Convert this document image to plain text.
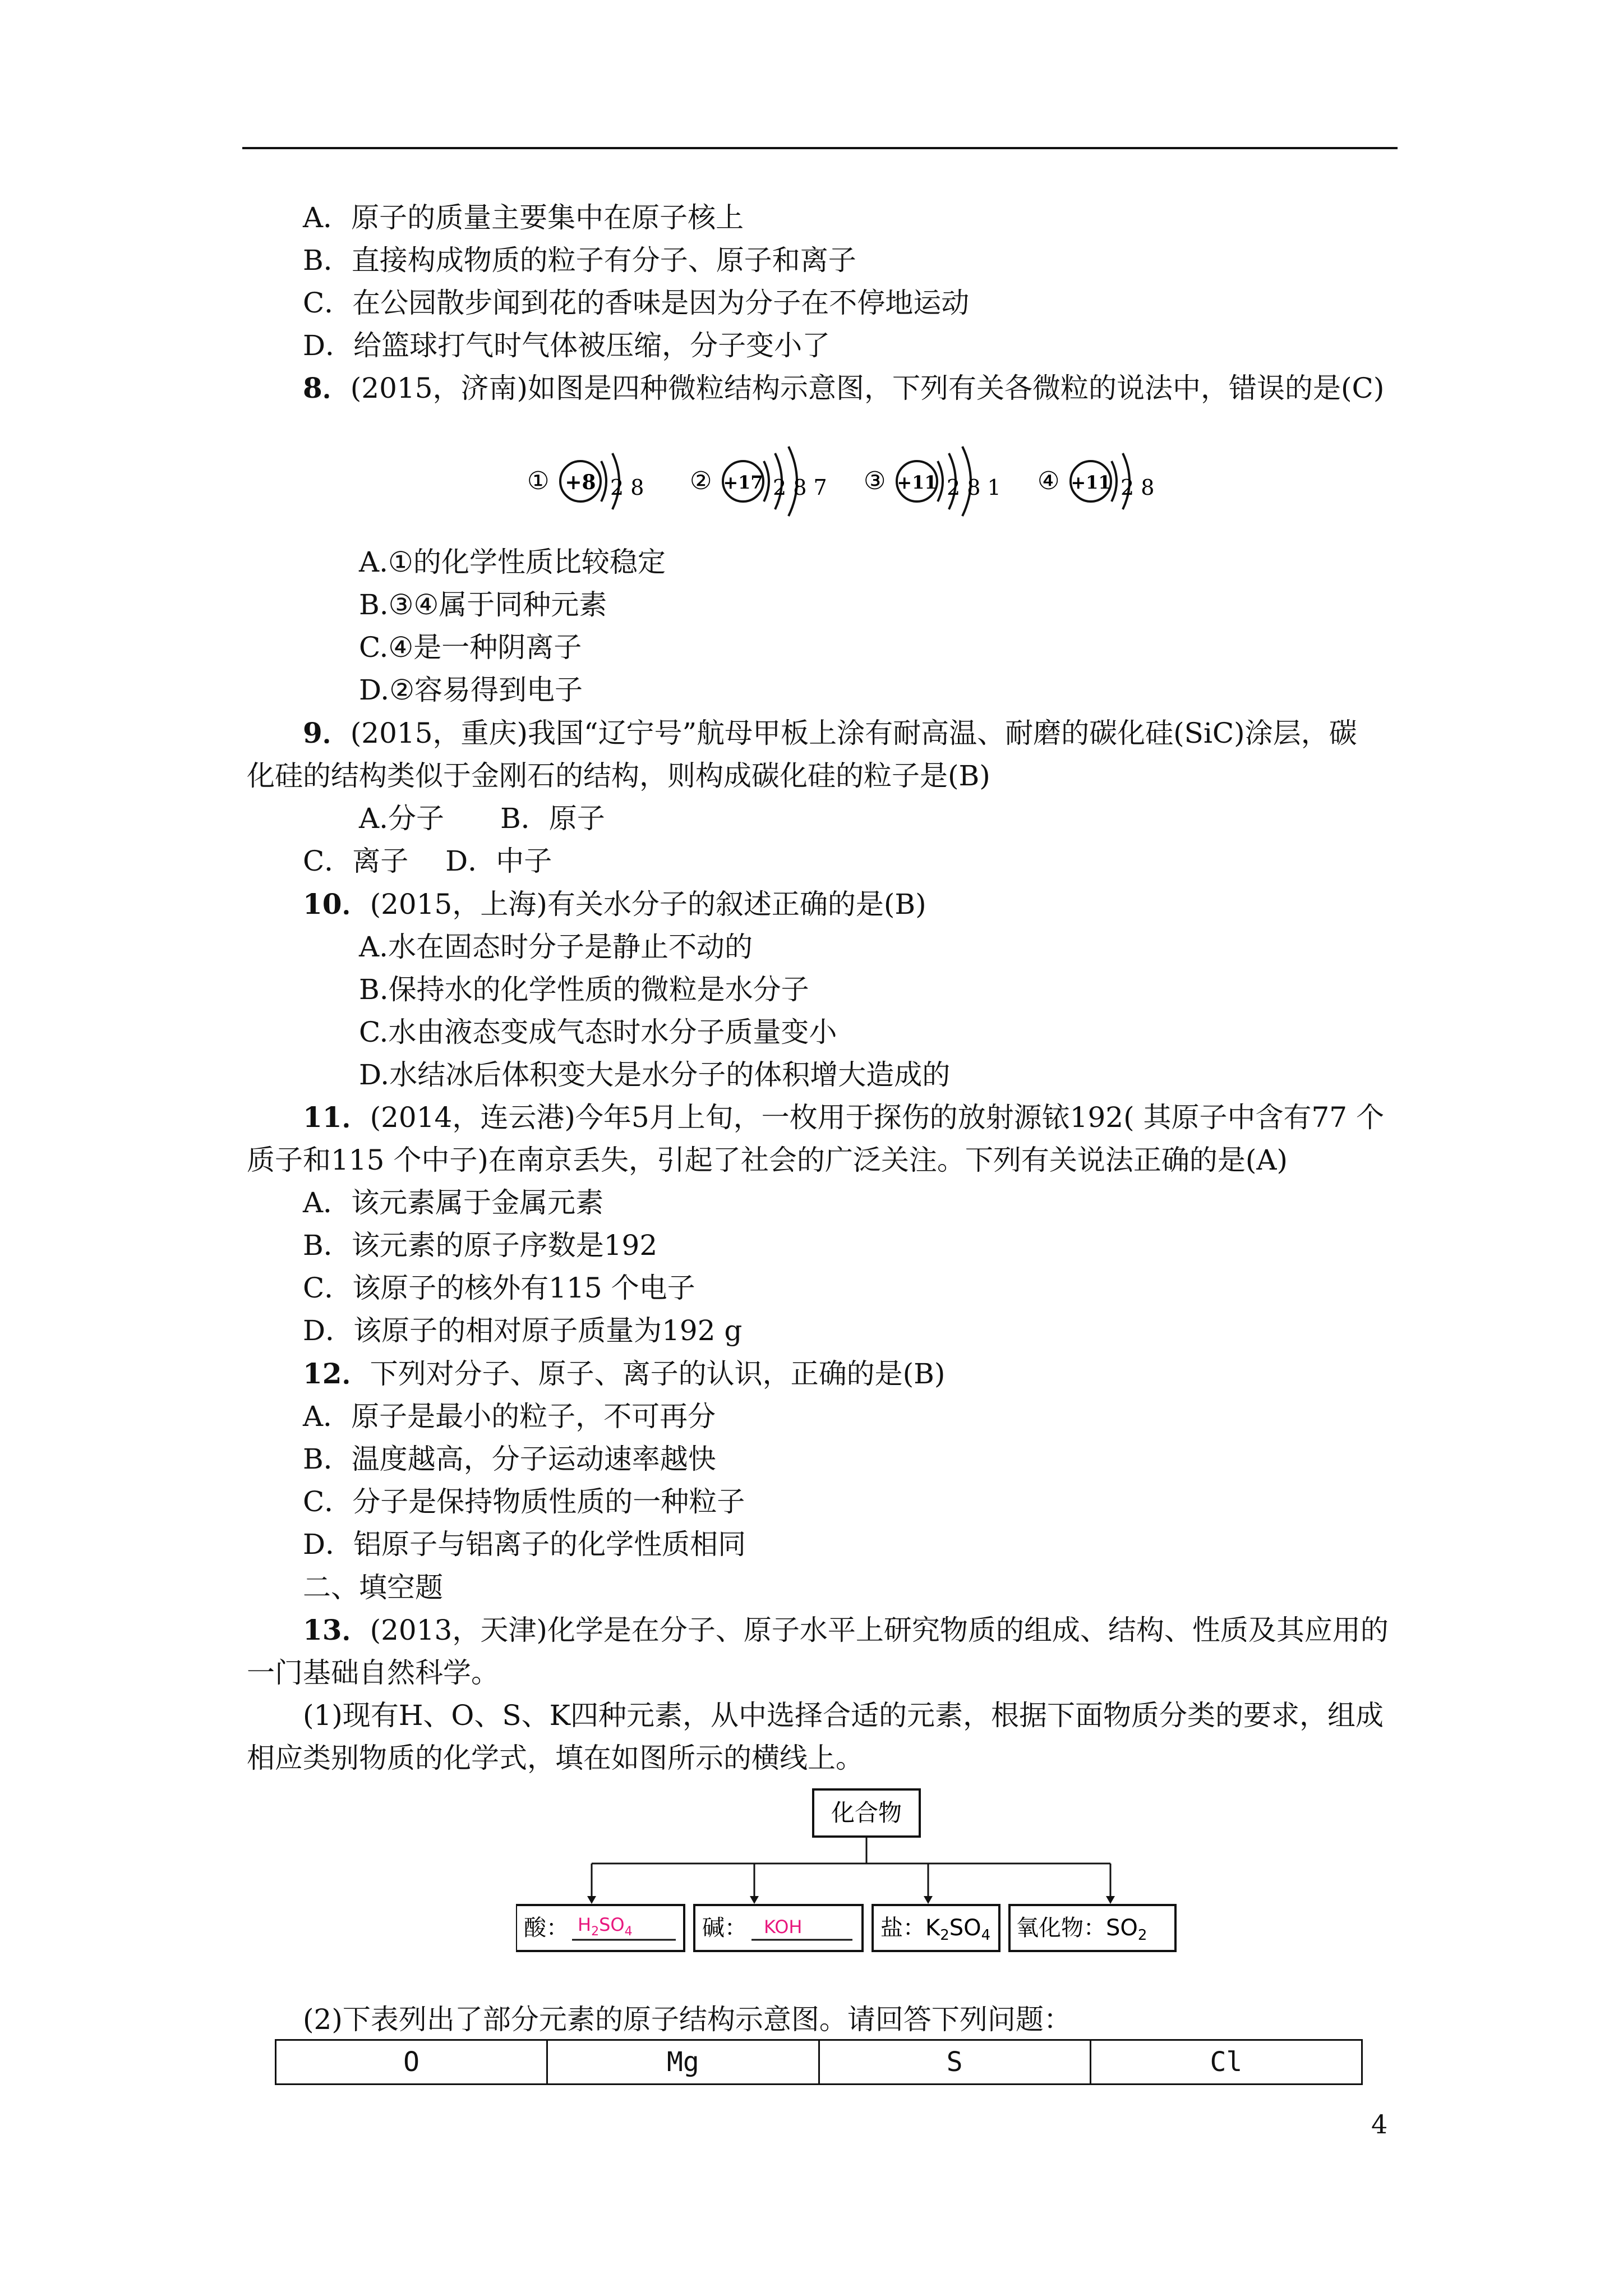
A．原子的质量主要集中在原子核上
B．直接构成物质的粒子有分子、原子和离子
C．在公园散步闻到花的香味是因为分子在不停地运动
D．给篮球打气时气体被压缩，分子变小了
8．(2015，济南)如图是四种微粒结构示意图，下列有关各微粒的说法中，错误的是(C)
① +8 2 8 ② +17 2 8 7 ③ +11 2 8 1 ④ +11 2 8
A.①的化学性质比较稳定
B.③④属于同种元素
C.④是一种阴离子
D.②容易得到电子
9．(2015，重庆)我国“辽宁号”航母甲板上涂有耐高温、耐磨的碳化硅(SiC)涂层，碳
化硅的结构类似于金刚石的结构，则构成碳化硅的粒子是(B)
A.分子　　B．原子
C．离子　 D．中子
10．(2015，上海)有关水分子的叙述正确的是(B)
A.水在固态时分子是静止不动的
B.保持水的化学性质的微粒是水分子
C.水由液态变成气态时水分子质量变小
D.水结冰后体积变大是水分子的体积增大造成的
11．(2014，连云港)今年5月上旬，一枚用于探伤的放射源铱192( 其原子中含有77 个
质子和115 个中子)在南京丢失，引起了社会的广泛关注。下列有关说法正确的是(A)
A．该元素属于金属元素
B．该元素的原子序数是192
C．该原子的核外有115 个电子
D．该原子的相对原子质量为192 g
12．下列对分子、原子、离子的认识，正确的是(B)
A．原子是最小的粒子，不可再分
B．温度越高，分子运动速率越快
C．分子是保持物质性质的一种粒子
D．铝原子与铝离子的化学性质相同
二、填空题
13．(2013，天津)化学是在分子、原子水平上研究物质的组成、结构、性质及其应用的
一门基础自然科学。
(1)现有H、O、S、K四种元素，从中选择合适的元素，根据下面物质分类的要求，组成
相应类别物质的化学式，填在如图所示的横线上。
化合物
酸： $H_2SO_4$	碱： KOH	盐：$K_2SO_4$ 氧化物：$SO_2$
(2)下表列出了部分元素的原子结构示意图。请回答下列问题：
O	Mg	S	Cl
4
